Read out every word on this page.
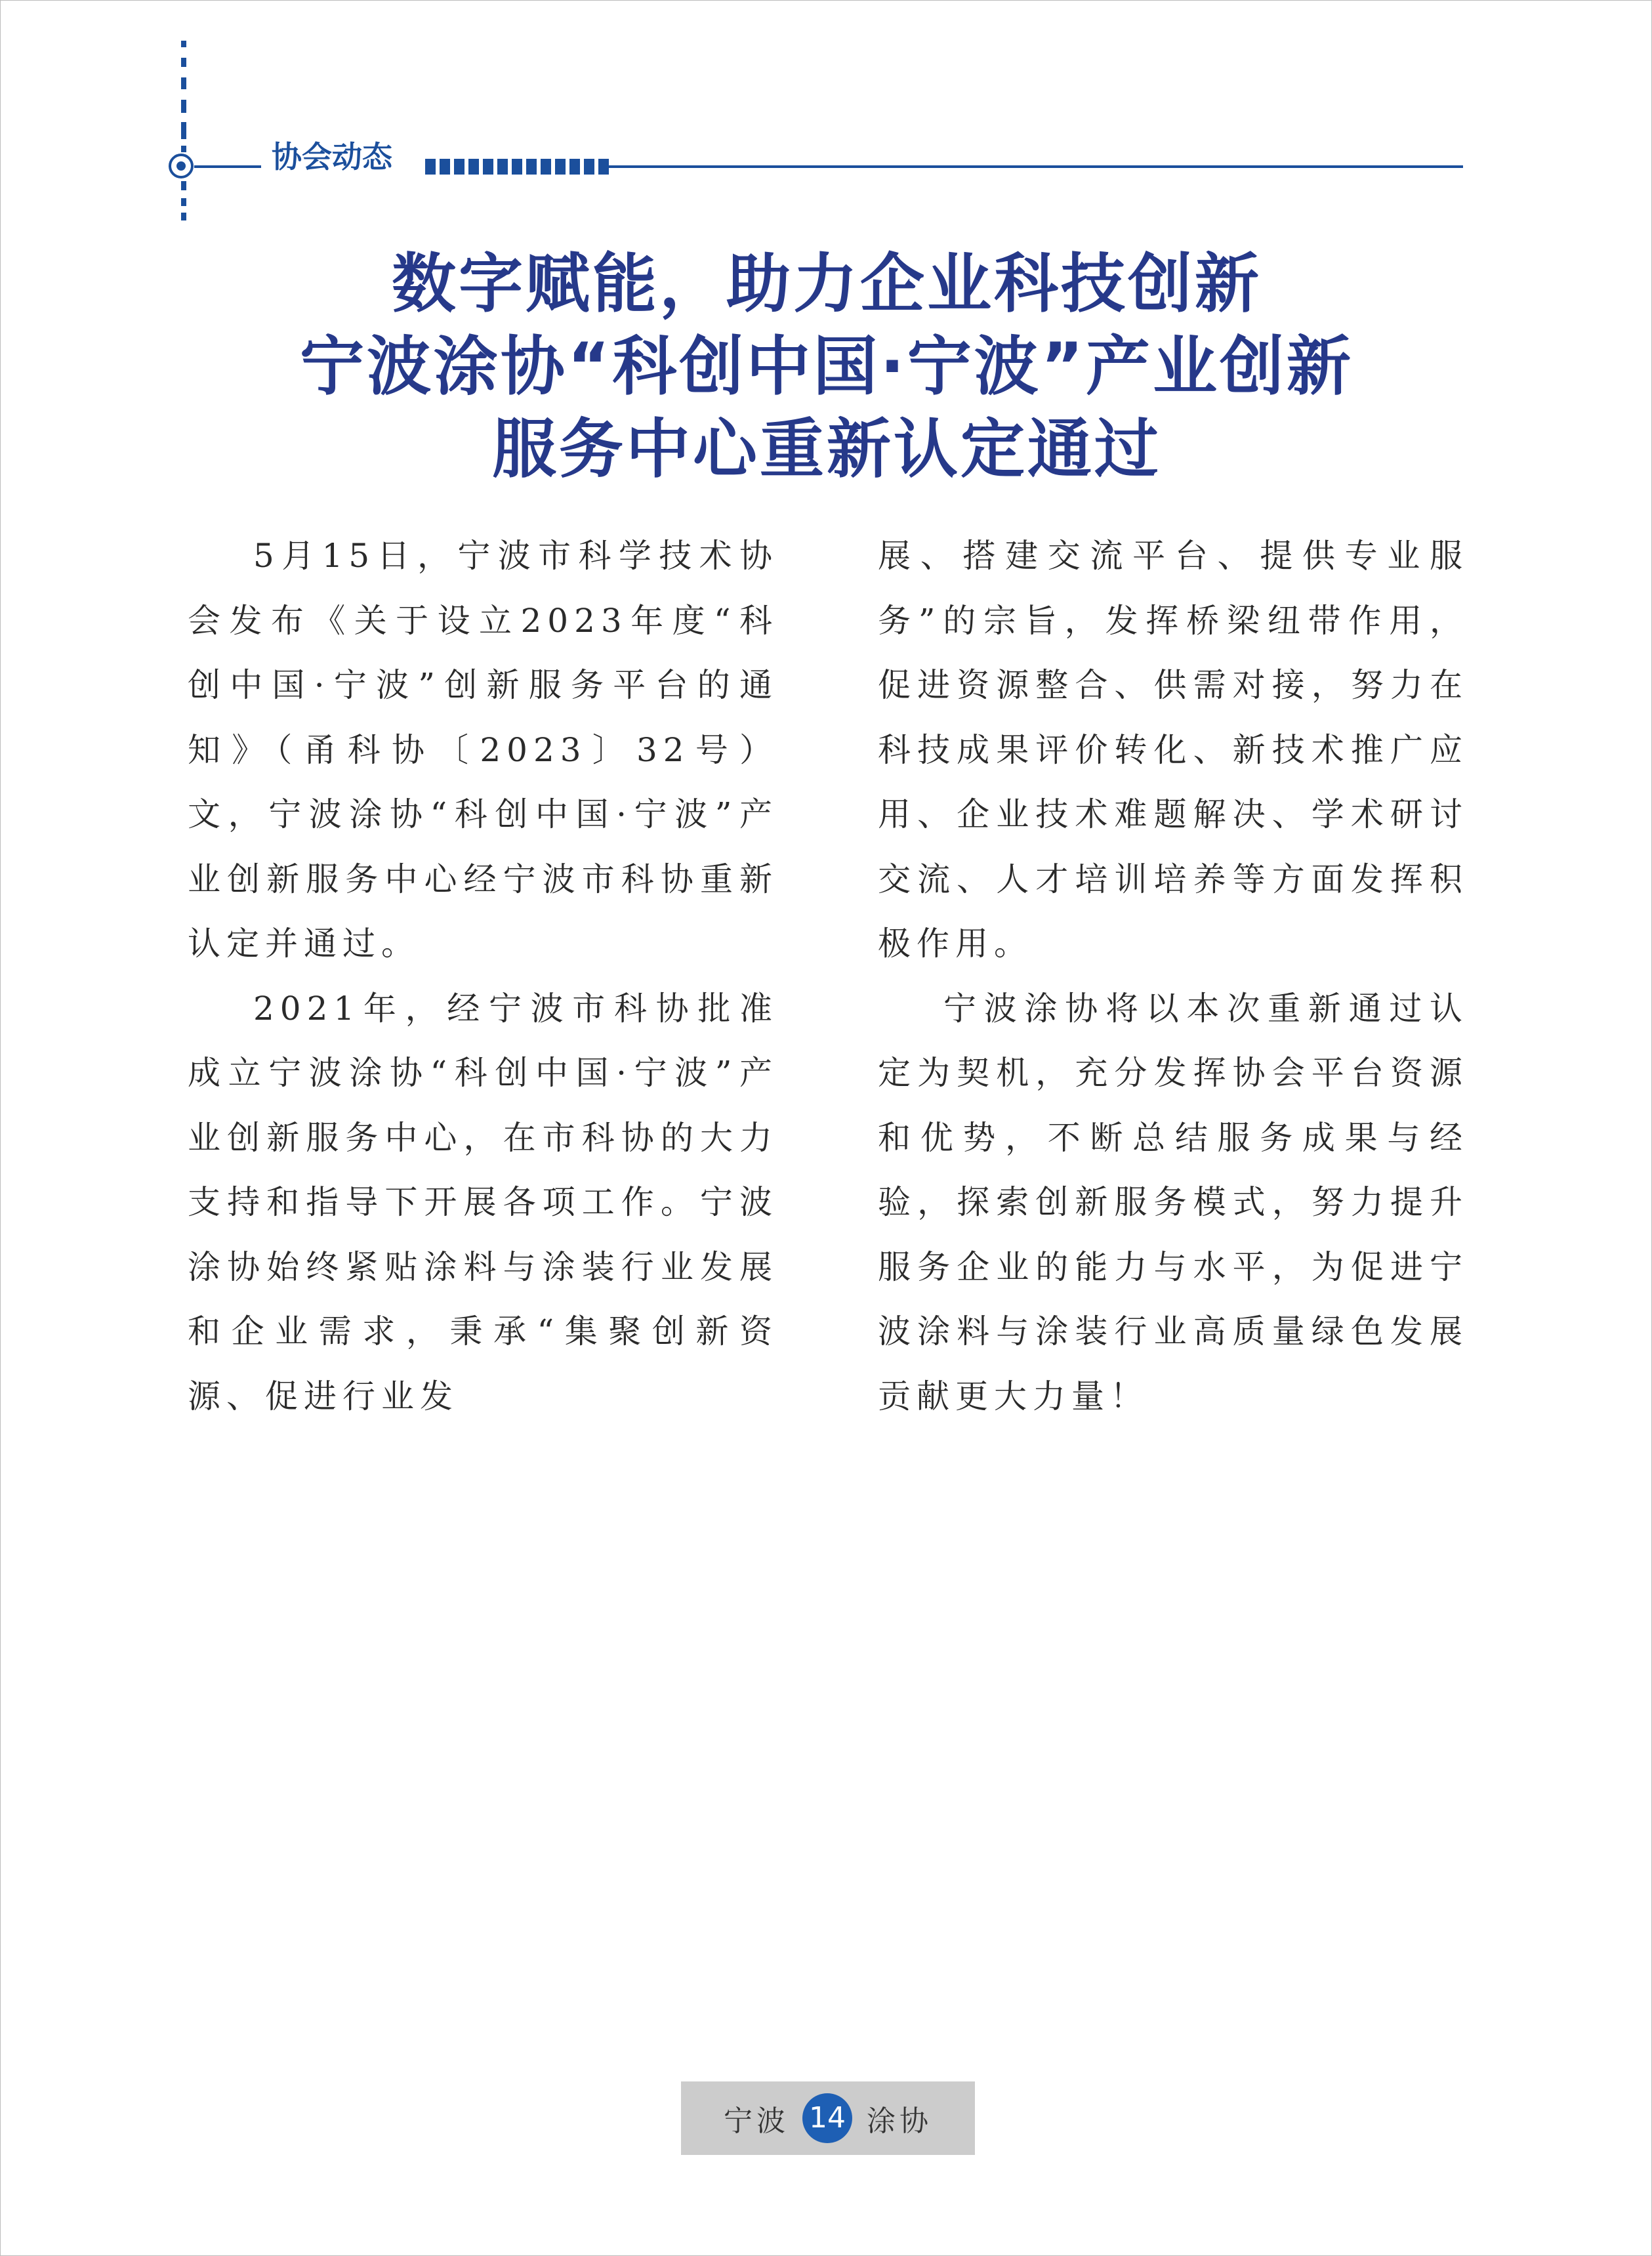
协会动态
数字赋能，助力企业科技创新
宁波涂协“科创中国·宁波”产业创新
服务中心重新认定通过

5月15日，宁波市科学技术协会发布《关于设立2023年度“科创中国·宁波”创新服务平台的通知》（甬科协〔2023〕32号）文，宁波涂协“科创中国·宁波”产业创新服务中心经宁波市科协重新认定并通过。

2021年，经宁波市科协批准成立宁波涂协“科创中国·宁波”产业创新服务中心，在市科协的大力支持和指导下开展各项工作。宁波涂协始终紧贴涂料与涂装行业发展和企业需求，秉承“集聚创新资源、促进行业发

展、搭建交流平台、提供专业服务”的宗旨，发挥桥梁纽带作用，促进资源整合、供需对接，努力在科技成果评价转化、新技术推广应用、企业技术难题解决、学术研讨交流、人才培训培养等方面发挥积极作用。

宁波涂协将以本次重新通过认定为契机，充分发挥协会平台资源和优势，不断总结服务成果与经验，探索创新服务模式，努力提升服务企业的能力与水平，为促进宁波涂料与涂装行业高质量绿色发展贡献更大力量！

宁波 14 涂协
